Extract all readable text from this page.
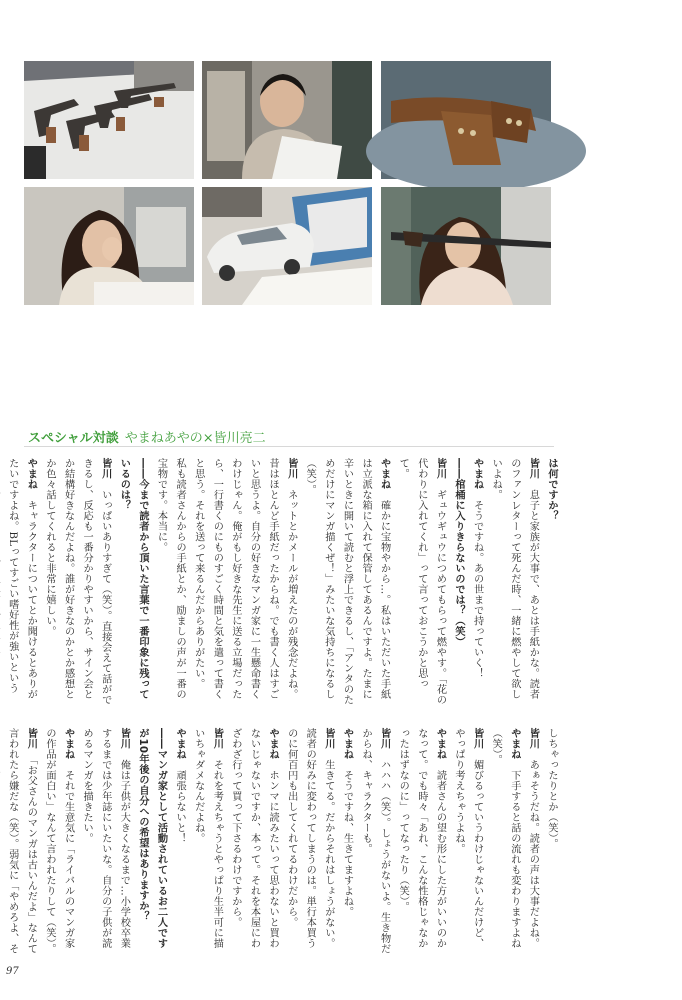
スペシャル対談 やまねあやの×皆川亮二

は何ですか？

皆川　息子と家族が大事で、あとは手紙かな。読者のファンレターって死んだ時、一緒に燃やして欲しいよね。

やまね　そうですね。あの世まで持っていく！

――棺桶に入りきらないのでは？（笑）

皆川　ギュウギュウにつめてもらって燃やす。「花の代わりに入れてくれ」って言っておこうかと思って。

やまね　確かに宝物やから…。私はいただいた手紙は立派な箱に入れて保管してあるんですよ。たまに辛いときに開いて読むと浮上できるし、「アンタのためだけにマンガ描くぜ！」みたいな気持ちになるし（笑）。

皆川　ネットとかメールが増えたのが残念だよね。昔はほとんど手紙だったからね。でも書く人はすごいと思うよ。自分の好きなマンガ家に一生懸命書くわけじゃん。俺がもし好きな先生に送る立場だったら、一行書くのにものすごく時間と気を遣って書くと思う。それを送って来るんだからありがたい。

私も読者さんからの手紙とか、励ましの声が一番の宝物です。本当に。

――今まで読者から頂いた言葉で一番印象に残っているのは？

皆川　いっぱいありすぎて（笑）。直接会えて話ができるし、反応も一番分かりやすいから、サイン会とか結構好きなんだよね。誰が好きなのかとか感想とか色々話してくれると非常に嬉しい。

やまね　キャラクターについてとか聞けるとありがたいですよね。BLってすごい嗜好性が強いという

しちゃったりとか（笑）。

皆川　あぁそうだね。読者の声は大事だよね。

やまね　下手すると話の流れも変わりますよね（笑）。

皆川　媚びるっていうわけじゃないんだけど、やっぱり考えちゃうよね。

やまね　読者さんの望む形にした方がいいのかなって。でも時々「あれ、こんな性格じゃなかったはずなのに」ってなったり（笑）。

皆川　ハハハ（笑）。しょうがないよ。生き物だからね、キャラクターも。

やまね　そうですね、生きてますよね。

皆川　生きてる。だからそれはしょうがない。読者の好みに変わってしまうのは。単行本買うのに何百円も出してくれてるわけだから。

やまね　ホンマに読みたいって思わないと買わないじゃないですか、本って。それを本屋にわざわざ行って買って下さるわけですから。

皆川　それを考えちゃうとやっぱり生半可に描いちゃダメなんだよね。

やまね　頑張らないと！

――マンガ家として活動されているお二人ですが10年後の自分への希望はありますか？

皆川　俺は子供が大きくなるまで…小学校卒業するまでは少年誌にいたいな。自分の子供が読めるマンガを描きたい。

やまね　それで生意気に「ライバルのマンガ家の作品が面白い」なんて言われたりして（笑）。

皆川　「お父さんのマンガは古いんだよ」なんて言われたら嫌だな（笑）。弱気に「やめろよ、そ

97
